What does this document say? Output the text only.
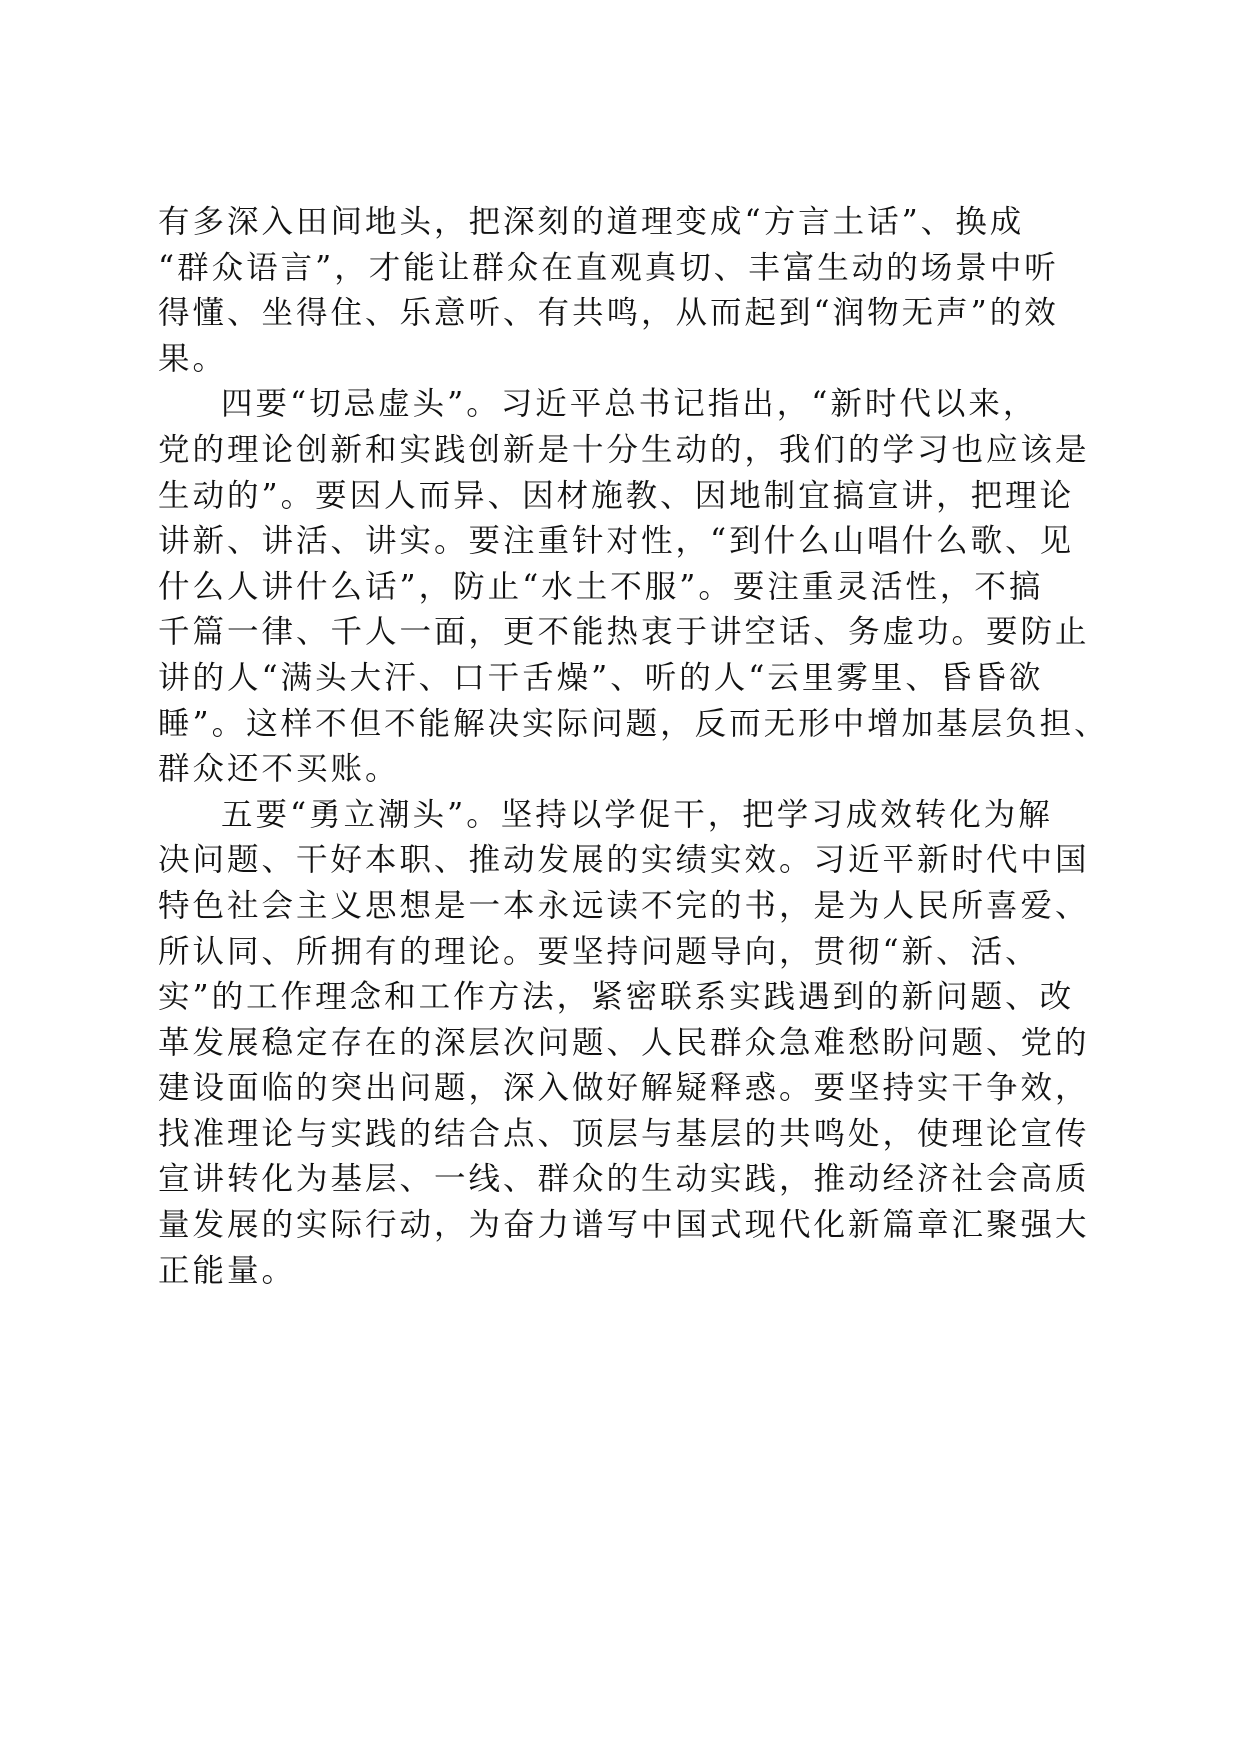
有多深入田间地头，把深刻的道理变成“方言土话”、换成
“群众语言”，才能让群众在直观真切、丰富生动的场景中听
得懂、坐得住、乐意听、有共鸣，从而起到“润物无声”的效
果。
四要“切忌虚头”。习近平总书记指出，“新时代以来，
党的理论创新和实践创新是十分生动的，我们的学习也应该是
生动的”。要因人而异、因材施教、因地制宜搞宣讲，把理论
讲新、讲活、讲实。要注重针对性，“到什么山唱什么歌、见
什么人讲什么话”，防止“水土不服”。要注重灵活性，不搞
千篇一律、千人一面，更不能热衷于讲空话、务虚功。要防止
讲的人“满头大汗、口干舌燥”、听的人“云里雾里、昏昏欲
睡”。这样不但不能解决实际问题，反而无形中增加基层负担、
群众还不买账。
五要“勇立潮头”。坚持以学促干，把学习成效转化为解
决问题、干好本职、推动发展的实绩实效。习近平新时代中国
特色社会主义思想是一本永远读不完的书，是为人民所喜爱、
所认同、所拥有的理论。要坚持问题导向，贯彻“新、活、
实”的工作理念和工作方法，紧密联系实践遇到的新问题、改
革发展稳定存在的深层次问题、人民群众急难愁盼问题、党的
建设面临的突出问题，深入做好解疑释惑。要坚持实干争效，
找准理论与实践的结合点、顶层与基层的共鸣处，使理论宣传
宣讲转化为基层、一线、群众的生动实践，推动经济社会高质
量发展的实际行动，为奋力谱写中国式现代化新篇章汇聚强大
正能量。
